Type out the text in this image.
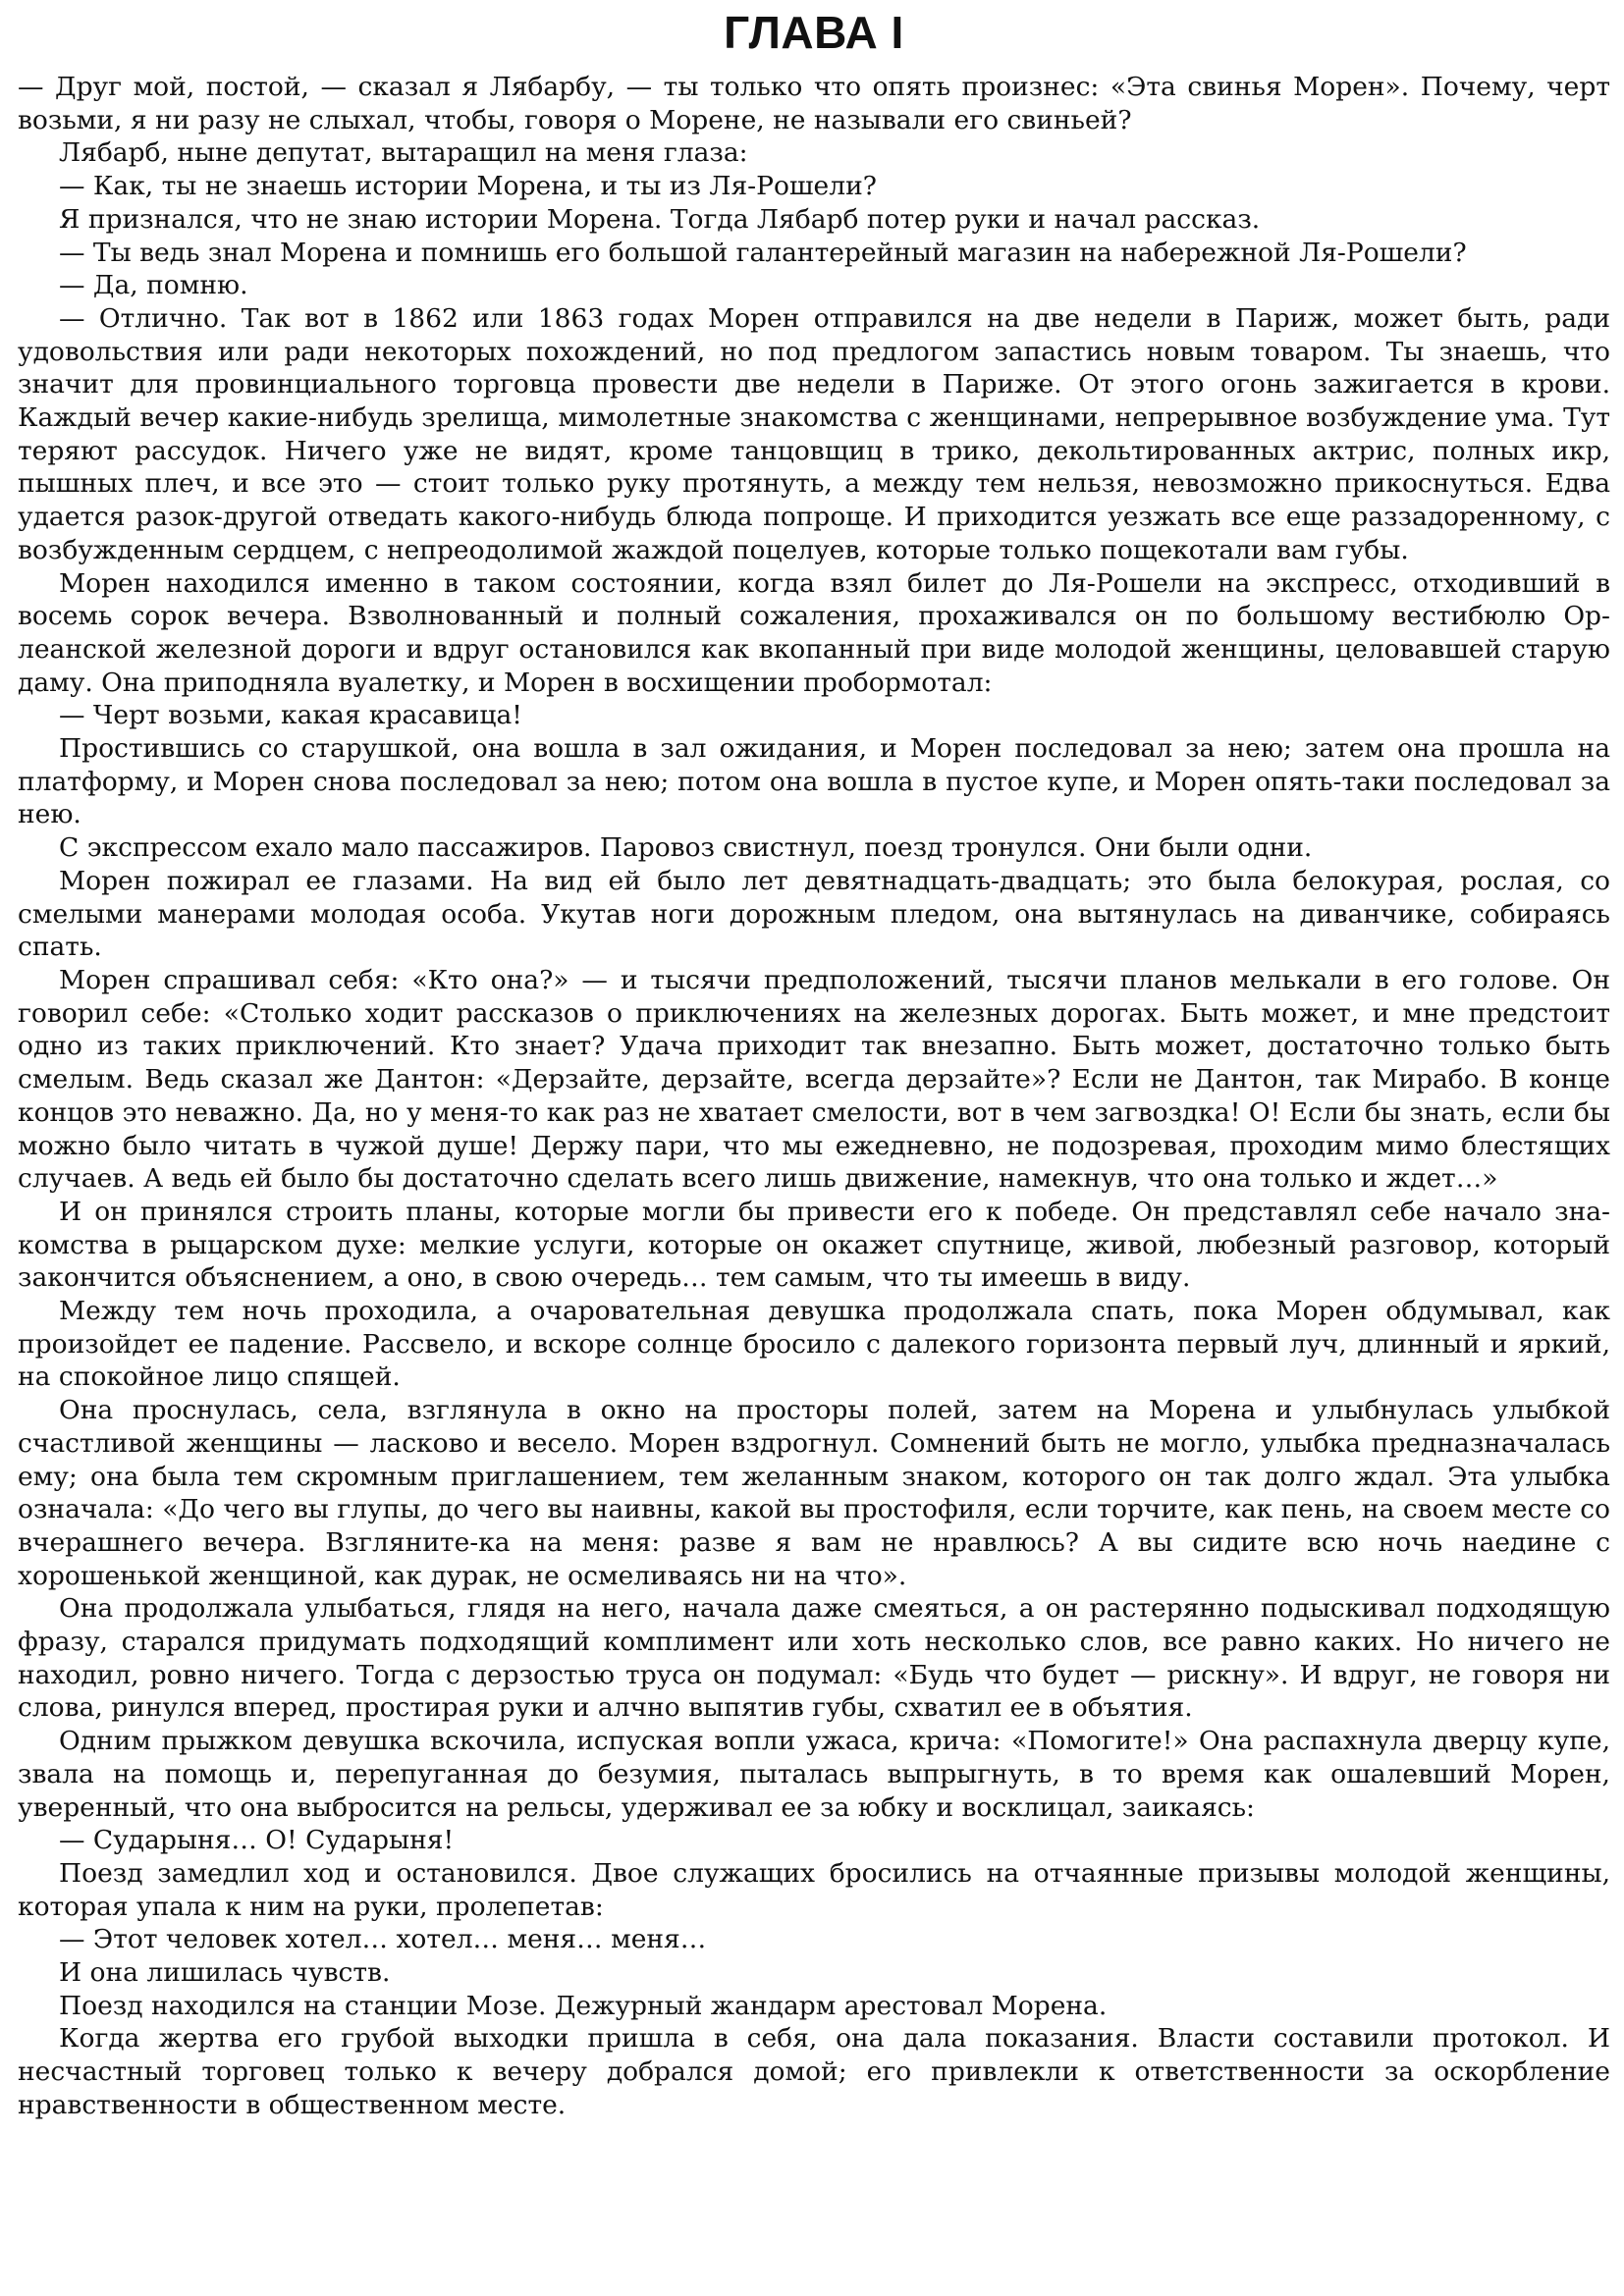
ГЛАВА I

— Друг мой, постой, — сказал я Лябарбу, — ты только что опять произнес: «Эта свинья Морен». Почему, черт возьми, я ни разу не слыхал, чтобы, говоря о Морене, не называли его свиньей?

Лябарб, ныне депутат, вытаращил на меня глаза:

— Как, ты не знаешь истории Морена, и ты из Ля-Рошели?

Я признался, что не знаю истории Морена. Тогда Лябарб потер руки и начал рассказ.

— Ты ведь знал Морена и помнишь его большой галантерейный магазин на набережной Ля-Рошели?

— Да, помню.

— Отлично. Так вот в 1862 или 1863 годах Морен отправился на две недели в Париж, может быть, ради удовольствия или ради некоторых похождений, но под предлогом запастись новым товаром. Ты знаешь, что значит для провинциального торговца провести две недели в Париже. От этого огонь зажигается в крови. Каждый вечер какие-нибудь зрелища, мимолетные знакомства с женщинами, непрерывное возбуждение ума. Тут теряют рассудок. Ничего уже не видят, кроме танцовщиц в трико, декольтированных актрис, полных икр, пышных плеч, и все это — стоит только руку протянуть, а между тем нельзя, невозможно прикоснуться. Едва удается разок-другой отведать какого-нибудь блюда попроще. И приходится уезжать все еще раззадоренному, с возбужденным сердцем, с непреодолимой жаждой поцелуев, которые только пощекотали вам губы.

Морен находился именно в таком состоянии, когда взял билет до Ля-Рошели на экспресс, отходивший в восемь сорок вечера. Взволнованный и полный сожаления, прохаживался он по большому вестибюлю Орлеанской железной дороги и вдруг остановился как вкопанный при виде молодой женщины, целовавшей старую даму. Она приподняла вуалетку, и Морен в восхищении пробормотал:

— Черт возьми, какая красавица!

Простившись со старушкой, она вошла в зал ожидания, и Морен последовал за нею; затем она прошла на платформу, и Морен снова последовал за нею; потом она вошла в пустое купе, и Морен опять-таки последовал за нею.

С экспрессом ехало мало пассажиров. Паровоз свистнул, поезд тронулся. Они были одни.

Морен пожирал ее глазами. На вид ей было лет девятнадцать-двадцать; это была белокурая, рослая, со смелыми манерами молодая особа. Укутав ноги дорожным пледом, она вытянулась на диванчике, собираясь спать.

Морен спрашивал себя: «Кто она?» — и тысячи предположений, тысячи планов мелькали в его голове. Он говорил себе: «Столько ходит рассказов о приключениях на железных дорогах. Быть может, и мне предстоит одно из таких приключений. Кто знает? Удача приходит так внезапно. Быть может, достаточно только быть смелым. Ведь сказал же Дантон: «Дерзайте, дерзайте, всегда дерзайте»? Если не Дантон, так Мирабо. В конце концов это неважно. Да, но у меня-то как раз не хватает смелости, вот в чем загвоздка! О! Если бы знать, если бы можно было читать в чужой душе! Держу пари, что мы ежедневно, не подозревая, проходим мимо блестящих случаев. А ведь ей было бы достаточно сделать всего лишь движение, намекнув, что она только и ждет…»

И он принялся строить планы, которые могли бы привести его к победе. Он представлял себе начало знакомства в рыцарском духе: мелкие услуги, которые он окажет спутнице, живой, любезный разговор, который закончится объяснением, а оно, в свою очередь… тем самым, что ты имеешь в виду.

Между тем ночь проходила, а очаровательная девушка продолжала спать, пока Морен обдумывал, как произойдет ее падение. Рассвело, и вскоре солнце бросило с далекого горизонта первый луч, длинный и яркий, на спокойное лицо спящей.

Она проснулась, села, взглянула в окно на просторы полей, затем на Морена и улыбнулась улыбкой счастливой женщины — ласково и весело. Морен вздрогнул. Сомнений быть не могло, улыбка предназначалась ему; она была тем скромным приглашением, тем желанным знаком, которого он так долго ждал. Эта улыбка означала: «До чего вы глупы, до чего вы наивны, какой вы простофиля, если торчите, как пень, на своем месте со вчерашнего вечера. Взгляните-ка на меня: разве я вам не нравлюсь? А вы сидите всю ночь наедине с хорошенькой женщиной, как дурак, не осмеливаясь ни на что».

Она продолжала улыбаться, глядя на него, начала даже смеяться, а он растерянно подыскивал подходящую фразу, старался придумать подходящий комплимент или хоть несколько слов, все равно каких. Но ничего не находил, ровно ничего. Тогда с дерзостью труса он подумал: «Будь что будет — рискну». И вдруг, не говоря ни слова, ринулся вперед, простирая руки и алчно выпятив губы, схватил ее в объятия.

Одним прыжком девушка вскочила, испуская вопли ужаса, крича: «Помогите!» Она распахнула дверцу купе, звала на помощь и, перепуганная до безумия, пыталась выпрыгнуть, в то время как ошалевший Морен, уверенный, что она выбросится на рельсы, удерживал ее за юбку и восклицал, заикаясь:

— Сударыня… О! Сударыня!

Поезд замедлил ход и остановился. Двое служащих бросились на отчаянные призывы молодой женщины, которая упала к ним на руки, пролепетав:

— Этот человек хотел… хотел… меня… меня…

И она лишилась чувств.

Поезд находился на станции Мозе. Дежурный жандарм арестовал Морена.

Когда жертва его грубой выходки пришла в себя, она дала показания. Власти составили протокол. И несчастный торговец только к вечеру добрался домой; его привлекли к ответственности за оскорбление нравственности в общественном месте.
